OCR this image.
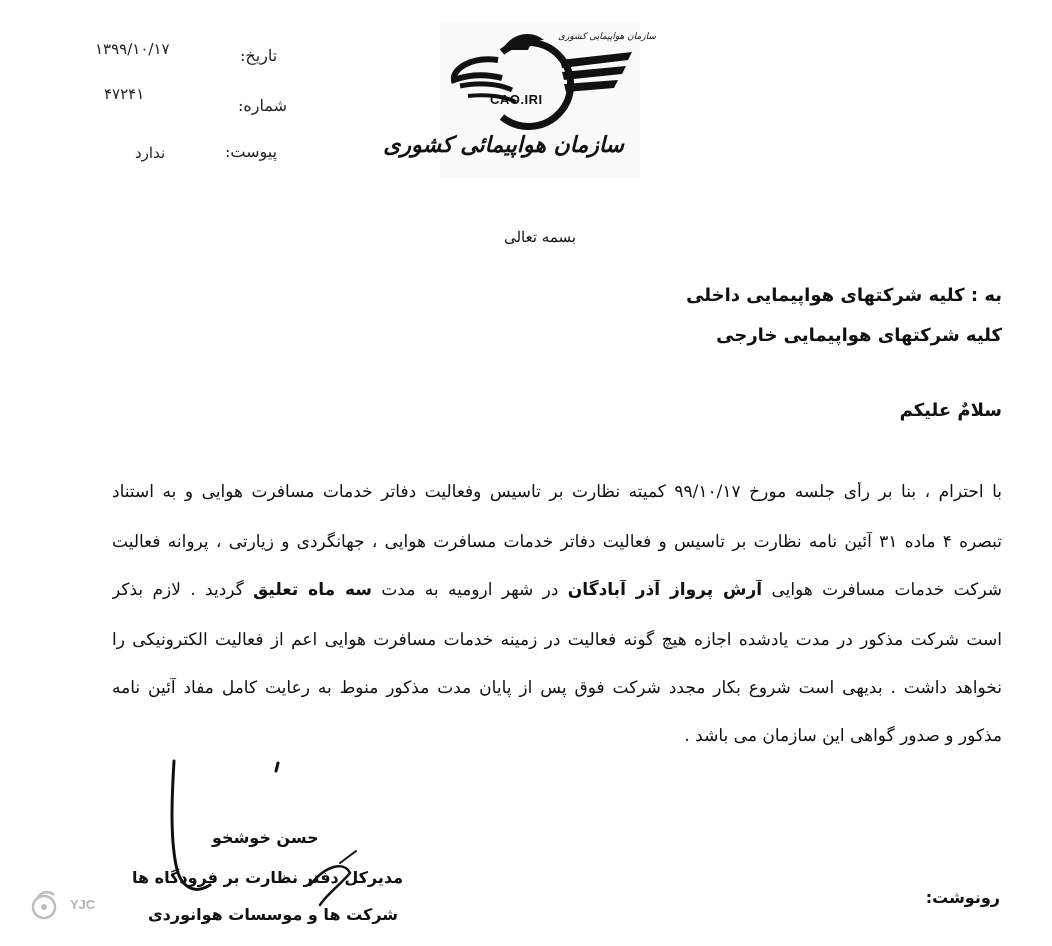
۱۳۹۹/۱۰/۱۷	تاریخ:
۴۷۲۴۱
شماره:
ندارد	پیوست:
سازمان هواپیمایی کشوری
CAO.IRI
سازمان هواپیمائی کشوری
بسمه تعالی
به : کلیه شرکتهای هواپیمایی داخلی
کلیه شرکتهای هواپیمایی خارجی
سلامٌ علیکم
با احترام ، بنا بر رأی جلسه مورخ ۹۹/۱۰/۱۷ کمیته نظارت بر تاسیس وفعالیت دفاتر خدمات مسافرت هوایی و به استناد
تبصره ۴ ماده ۳۱ آئین نامه نظارت بر تاسیس و فعالیت دفاتر خدمات مسافرت هوایی ، جهانگردی و زیارتی ، پروانه فعالیت
شرکت خدمات مسافرت هوایی آرش پرواز آذر آبادگان در شهر ارومیه به مدت سه ماه تعلیق گردید . لازم بذکر
است شرکت مذکور در مدت یادشده اجازه هیچ گونه فعالیت در زمینه خدمات مسافرت هوایی اعم از فعالیت الکترونیکی را
نخواهد داشت . بدیهی است شروع بکار مجدد شرکت فوق پس از پایان مدت مذکور منوط به رعایت کامل مفاد آئین نامه
مذکور و صدور گواهی این سازمان می باشد .
حسن خوشخو
مدیرکل دفتر نظارت بر فرودگاه ها
شرکت ها و موسسات هوانوردی
رونوشت:
YJC
